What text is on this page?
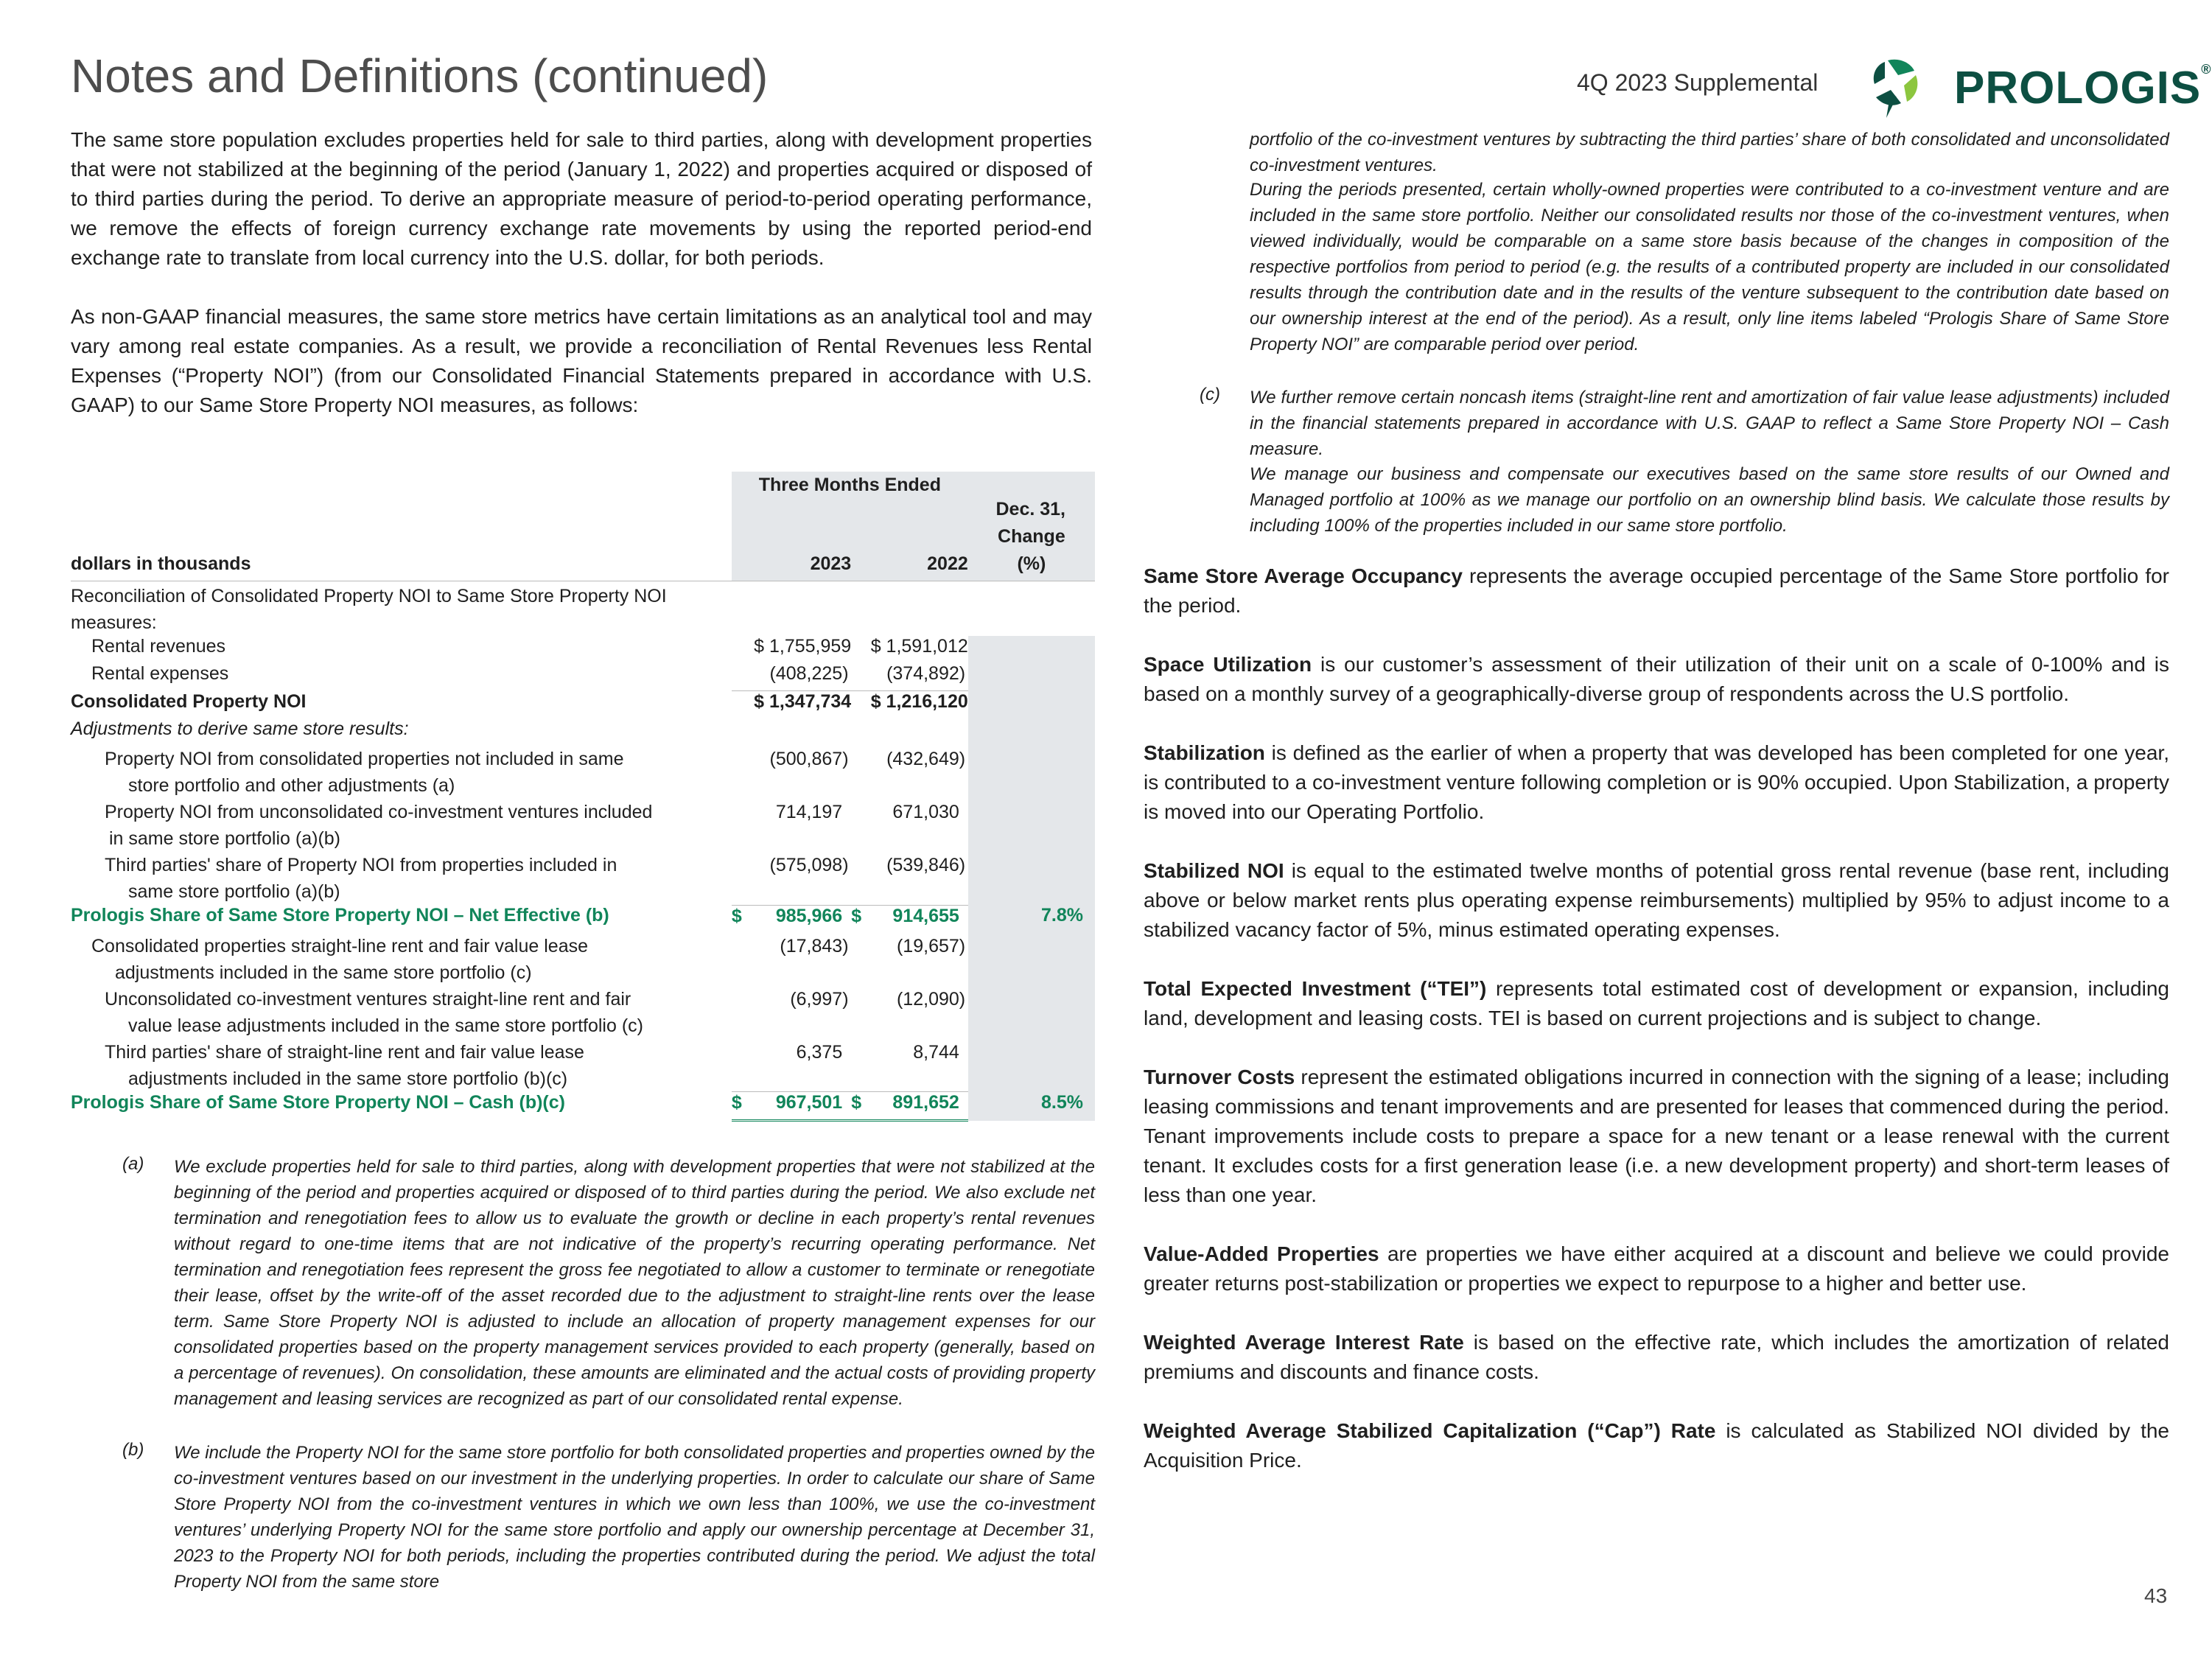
Notes and Definitions (continued)	4Q 2023 Supplemental	PROLOGIS®

The same store population excludes properties held for sale to third parties, along with development properties that were not stabilized at the beginning of the period (January 1, 2022) and properties acquired or disposed of to third parties during the period. To derive an appropriate measure of period-to-period operating performance, we remove the effects of foreign currency exchange rate movements by using the reported period-end exchange rate to translate from local currency into the U.S. dollar, for both periods.

As non-GAAP financial measures, the same store metrics have certain limitations as an analytical tool and may vary among real estate companies. As a result, we provide a reconciliation of Rental Revenues less Rental Expenses (“Property NOI”) (from our Consolidated Financial Statements prepared in accordance with U.S. GAAP) to our Same Store Property NOI measures, as follows:

	Three Months Ended		
	Dec. 31,		
			Change
dollars in thousands	2023	2022	(%)
Reconciliation of Consolidated Property NOI to Same Store Property NOI measures:			
Rental revenues	$ 1,755,959	$ 1,591,012	
Rental expenses	(408,225)	(374,892)	
Consolidated Property NOI	$ 1,347,734	$ 1,216,120	
Adjustments to derive same store results:			

Property NOI from consolidated properties not included in same
store portfolio and other adjustments (a)	(500,867)	(432,649)	

Property NOI from unconsolidated co-investment ventures included
in same store portfolio (a)(b)	714,197	671,030	

Third parties' share of Property NOI from properties included in
same store portfolio (a)(b)	(575,098)	(539,846)	
Prologis Share of Same Store Property NOI – Net Effective (b)	$ 985,966	$ 914,655	7.8%

Consolidated properties straight-line rent and fair value lease
adjustments included in the same store portfolio (c)	(17,843)	(19,657)	

Unconsolidated co-investment ventures straight-line rent and fair
value lease adjustments included in the same store portfolio (c)	(6,997)	(12,090)	

Third parties' share of straight-line rent and fair value lease
adjustments included in the same store portfolio (b)(c)	6,375	8,744	
Prologis Share of Same Store Property NOI – Cash (b)(c)	$ 967,501	$ 891,652	8.5%
(a) We exclude properties held for sale to third parties, along with development properties that were not stabilized at the beginning of the period and properties acquired or disposed of to third parties during the period. We also exclude net termination and renegotiation fees to allow us to evaluate the growth or decline in each property’s rental revenues without regard to one-time items that are not indicative of the property’s recurring operating performance. Net termination and renegotiation fees represent the gross fee negotiated to allow a customer to terminate or renegotiate their lease, offset by the write-off of the asset recorded due to the adjustment to straight-line rents over the lease term. Same Store Property NOI is adjusted to include an allocation of property management expenses for our consolidated properties based on the property management services provided to each property (generally, based on a percentage of revenues). On consolidation, these amounts are eliminated and the actual costs of providing property management and leasing services are recognized as part of our consolidated rental expense.
(b) We include the Property NOI for the same store portfolio for both consolidated properties and properties owned by the co-investment ventures based on our investment in the underlying properties. In order to calculate our share of Same Store Property NOI from the co-investment ventures in which we own less than 100%, we use the co-investment ventures’ underlying Property NOI for the same store portfolio and apply our ownership percentage at December 31, 2023 to the Property NOI for both periods, including the properties contributed during the period. We adjust the total Property NOI from the same store
portfolio of the co-investment ventures by subtracting the third parties’ share of both consolidated and unconsolidated co-investment ventures.
During the periods presented, certain wholly-owned properties were contributed to a co-investment venture and are included in the same store portfolio. Neither our consolidated results nor those of the co-investment ventures, when viewed individually, would be comparable on a same store basis because of the changes in composition of the respective portfolios from period to period (e.g. the results of a contributed property are included in our consolidated results through the contribution date and in the results of the venture subsequent to the contribution date based on our ownership interest at the end of the period). As a result, only line items labeled “Prologis Share of Same Store Property NOI” are comparable period over period.
(c) We further remove certain noncash items (straight-line rent and amortization of fair value lease adjustments) included in the financial statements prepared in accordance with U.S. GAAP to reflect a Same Store Property NOI – Cash measure.
We manage our business and compensate our executives based on the same store results of our Owned and Managed portfolio at 100% as we manage our portfolio on an ownership blind basis. We calculate those results by including 100% of the properties included in our same store portfolio.

Same Store Average Occupancy represents the average occupied percentage of the Same Store portfolio for the period.

Space Utilization is our customer’s assessment of their utilization of their unit on a scale of 0-100% and is based on a monthly survey of a geographically-diverse group of respondents across the U.S portfolio.

Stabilization is defined as the earlier of when a property that was developed has been completed for one year, is contributed to a co-investment venture following completion or is 90% occupied. Upon Stabilization, a property is moved into our Operating Portfolio.

Stabilized NOI is equal to the estimated twelve months of potential gross rental revenue (base rent, including above or below market rents plus operating expense reimbursements) multiplied by 95% to adjust income to a stabilized vacancy factor of 5%, minus estimated operating expenses.

Total Expected Investment (“TEI”) represents total estimated cost of development or expansion, including land, development and leasing costs. TEI is based on current projections and is subject to change.

Turnover Costs represent the estimated obligations incurred in connection with the signing of a lease; including leasing commissions and tenant improvements and are presented for leases that commenced during the period. Tenant improvements include costs to prepare a space for a new tenant or a lease renewal with the current tenant. It excludes costs for a first generation lease (i.e. a new development property) and short-term leases of less than one year.

Value-Added Properties are properties we have either acquired at a discount and believe we could provide greater returns post-stabilization or properties we expect to repurpose to a higher and better use.

Weighted Average Interest Rate is based on the effective rate, which includes the amortization of related premiums and discounts and finance costs.

Weighted Average Stabilized Capitalization (“Cap”) Rate is calculated as Stabilized NOI divided by the Acquisition Price.

43
